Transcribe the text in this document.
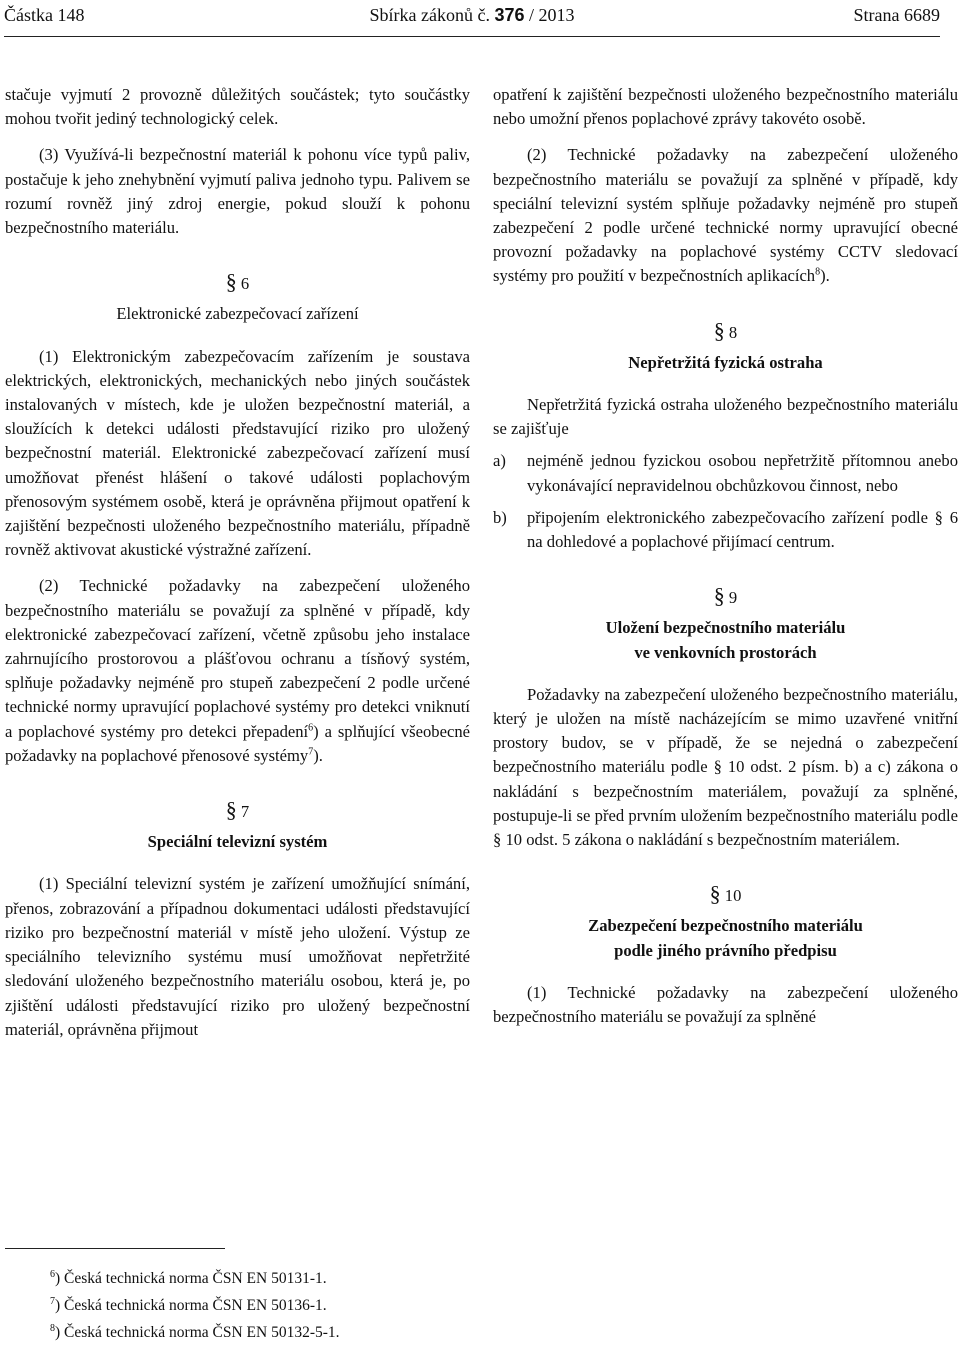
Částka 148	Sbírka zákonů č. 376 / 2013	Strana 6689

stačuje vyjmutí 2 provozně důležitých součástek; tyto součástky mohou tvořit jediný technologický celek.

(3) Využívá-li bezpečnostní materiál k pohonu více typů paliv, postačuje k jeho znehybnění vyjmutí paliva jednoho typu. Palivem se rozumí rovněž jiný zdroj energie, pokud slouží k pohonu bezpečnostního materiálu.

§ 6
Elektronické zabezpečovací zařízení

(1) Elektronickým zabezpečovacím zařízením je soustava elektrických, elektronických, mechanických nebo jiných součástek instalovaných v místech, kde je uložen bezpečnostní materiál, a sloužících k detekci události představující riziko pro uložený bezpečnostní materiál. Elektronické zabezpečovací zařízení musí umožňovat přenést hlášení o takové události poplachovým přenosovým systémem osobě, která je oprávněna přijmout opatření k zajištění bezpečnosti uloženého bezpečnostního materiálu, případně rovněž aktivovat akustické výstražné zařízení.

(2) Technické požadavky na zabezpečení uloženého bezpečnostního materiálu se považují za splněné v případě, kdy elektronické zabezpečovací zařízení, včetně způsobu jeho instalace zahrnujícího prostorovou a plášťovou ochranu a tísňový systém, splňuje požadavky nejméně pro stupeň zabezpečení 2 podle určené technické normy upravující poplachové systémy pro detekci vniknutí a poplachové systémy pro detekci přepadení$^6$) a splňující všeobecné požadavky na poplachové přenosové systémy$^7$).

§ 7
Speciální televizní systém

(1) Speciální televizní systém je zařízení umožňující snímání, přenos, zobrazování a případnou dokumentaci události představující riziko pro bezpečnostní materiál v místě jeho uložení. Výstup ze speciálního televizního systému musí umožňovat nepřetržité sledování uloženého bezpečnostního materiálu osobou, která je, po zjištění události představující riziko pro uložený bezpečnostní materiál, oprávněna přijmout

opatření k zajištění bezpečnosti uloženého bezpečnostního materiálu nebo umožní přenos poplachové zprávy takovéto osobě.

(2) Technické požadavky na zabezpečení uloženého bezpečnostního materiálu se považují za splněné v případě, kdy speciální televizní systém splňuje požadavky nejméně pro stupeň zabezpečení 2 podle určené technické normy upravující obecné provozní požadavky na poplachové systémy CCTV sledovací systémy pro použití v bezpečnostních aplikacích$^8$).

§ 8
Nepřetržitá fyzická ostraha

Nepřetržitá fyzická ostraha uloženého bezpečnostního materiálu se zajišťuje

a)	nejméně jednou fyzickou osobou nepřetržitě přítomnou anebo vykonávající nepravidelnou obchůzkovou činnost, nebo
b)	připojením elektronického zabezpečovacího zařízení podle § 6 na dohledové a poplachové přijímací centrum.
§ 9
Uložení bezpečnostního materiálu
ve venkovních prostorách

Požadavky na zabezpečení uloženého bezpečnostního materiálu, který je uložen na místě nacházejícím se mimo uzavřené vnitřní prostory budov, se v případě, že se nejedná o zabezpečení bezpečnostního materiálu podle § 10 odst. 2 písm. b) a c) zákona o nakládání s bezpečnostním materiálem, považují za splněné, postupuje-li se před prvním uložením bezpečnostního materiálu podle § 10 odst. 5 zákona o nakládání s bezpečnostním materiálem.

§ 10
Zabezpečení bezpečnostního materiálu
podle jiného právního předpisu

(1) Technické požadavky na zabezpečení uloženého bezpečnostního materiálu se považují za splněné

$^6$) Česká technická norma ČSN EN 50131-1.
$^7$) Česká technická norma ČSN EN 50136-1.
$^8$) Česká technická norma ČSN EN 50132-5-1.
